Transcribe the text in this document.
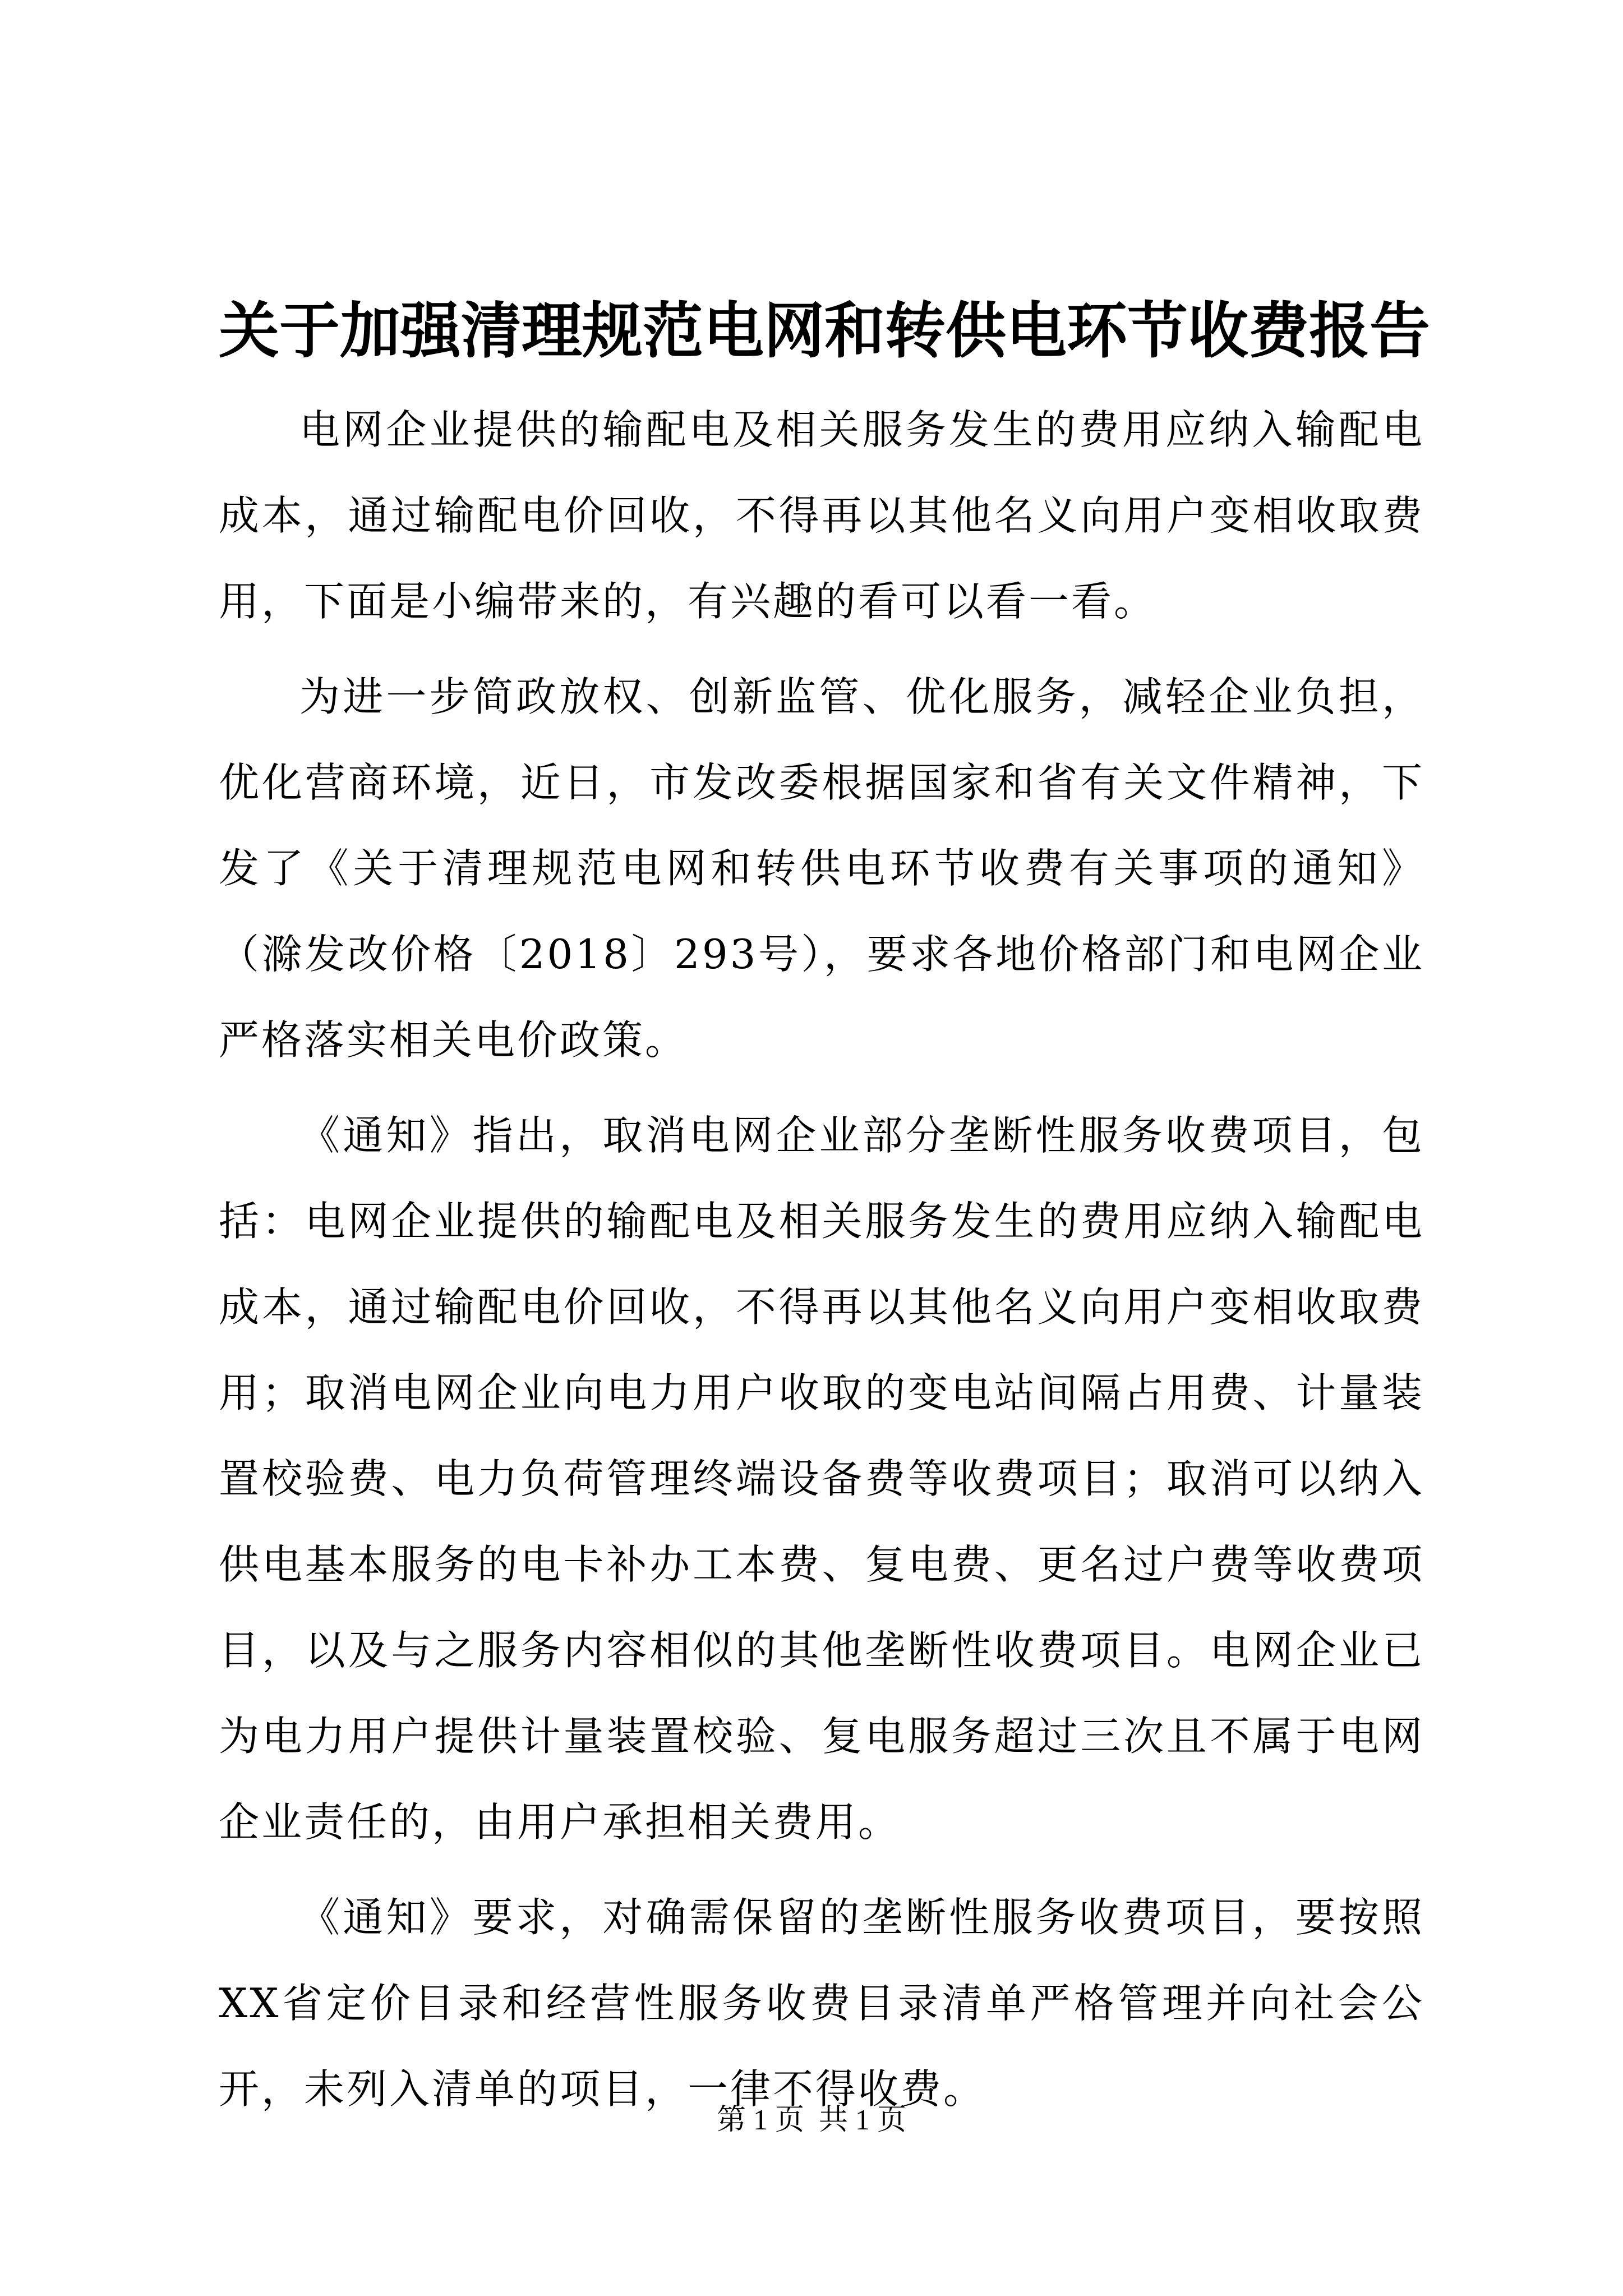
关于加强清理规范电网和转供电环节收费报告

电网企业提供的输配电及相关服务发生的费用应纳入输配电成本，通过输配电价回收，不得再以其他名义向用户变相收取费用，下面是小编带来的，有兴趣的看可以看一看。

为进一步简政放权、创新监管、优化服务，减轻企业负担，优化营商环境，近日，市发改委根据国家和省有关文件精神，下发了《关于清理规范电网和转供电环节收费有关事项的通知》（滁发改价格〔2018〕293号），要求各地价格部门和电网企业严格落实相关电价政策。

《通知》指出，取消电网企业部分垄断性服务收费项目，包括：电网企业提供的输配电及相关服务发生的费用应纳入输配电成本，通过输配电价回收，不得再以其他名义向用户变相收取费用；取消电网企业向电力用户收取的变电站间隔占用费、计量装置校验费、电力负荷管理终端设备费等收费项目；取消可以纳入供电基本服务的电卡补办工本费、复电费、更名过户费等收费项目，以及与之服务内容相似的其他垄断性收费项目。电网企业已为电力用户提供计量装置校验、复电服务超过三次且不属于电网企业责任的，由用户承担相关费用。

《通知》要求，对确需保留的垄断性服务收费项目，要按照XX省定价目录和经营性服务收费目录清单严格管理并向社会公开，未列入清单的项目，一律不得收费。

第 1 页  共 1 页
